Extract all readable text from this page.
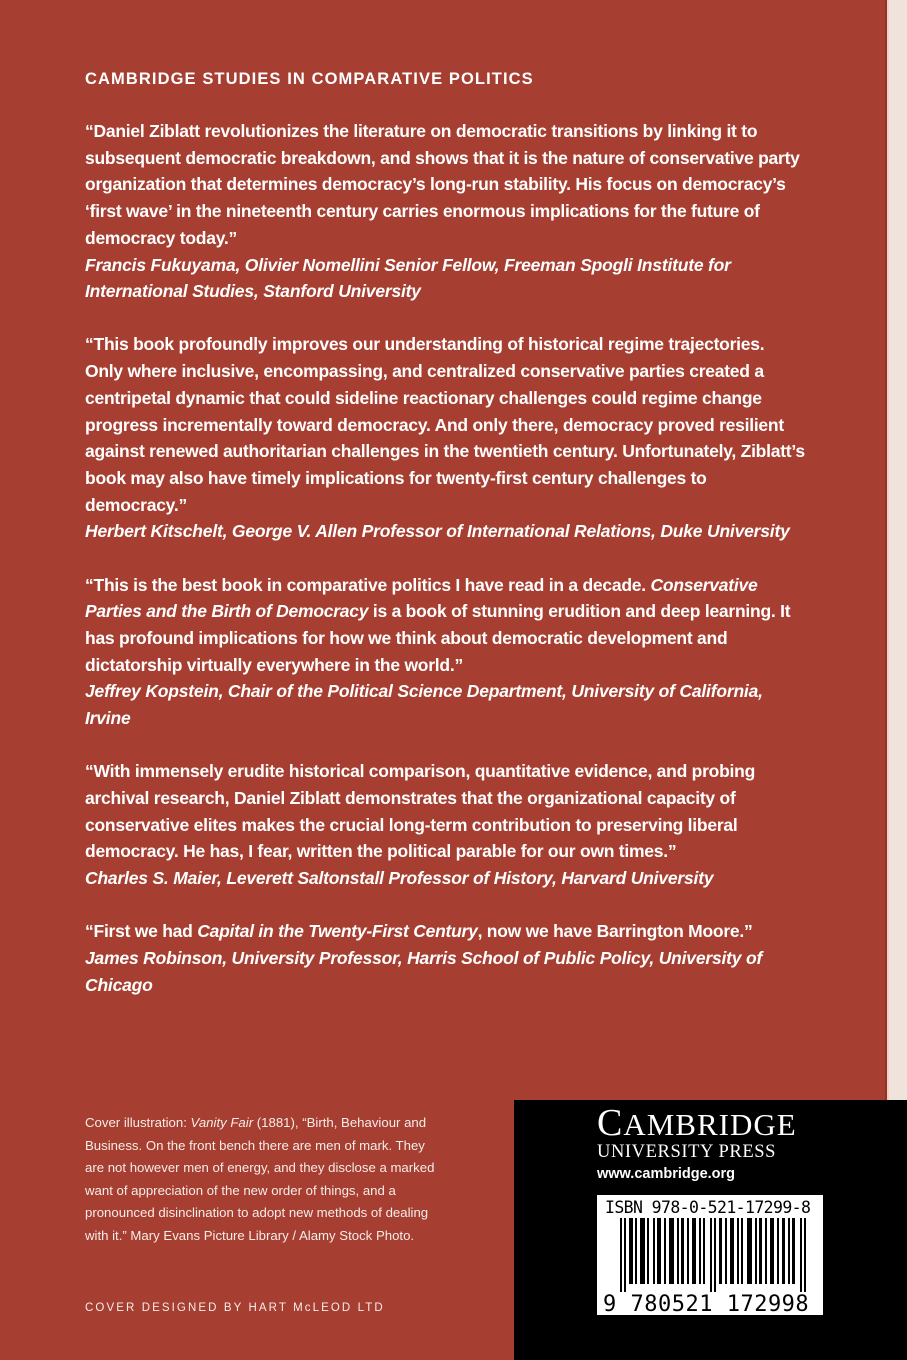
CAMBRIDGE STUDIES IN COMPARATIVE POLITICS

“Daniel Ziblatt revolutionizes the literature on democratic transitions by linking it to subsequent democratic breakdown, and shows that it is the nature of conservative party organization that determines democracy’s long-run stability. His focus on democracy’s ‘first wave’ in the nineteenth century carries enormous implications for the future of democracy today.”

Francis Fukuyama, Olivier Nomellini Senior Fellow, Freeman Spogli Institute for International Studies, Stanford University

“This book profoundly improves our understanding of historical regime trajectories. Only where inclusive, encompassing, and centralized conservative parties created a centripetal dynamic that could sideline reactionary challenges could regime change progress incrementally toward democracy. And only there, democracy proved resilient against renewed authoritarian challenges in the twentieth century. Unfortunately, Ziblatt’s book may also have timely implications for twenty-first century challenges to democracy.”

Herbert Kitschelt, George V. Allen Professor of International Relations, Duke University

“This is the best book in comparative politics I have read in a decade. Conservative Parties and the Birth of Democracy is a book of stunning erudition and deep learning. It has profound implications for how we think about democratic development and dictatorship virtually everywhere in the world.”

Jeffrey Kopstein, Chair of the Political Science Department, University of California, Irvine

“With immensely erudite historical comparison, quantitative evidence, and probing archival research, Daniel Ziblatt demonstrates that the organizational capacity of conservative elites makes the crucial long-term contribution to preserving liberal democracy. He has, I fear, written the political parable for our own times.”

Charles S. Maier, Leverett Saltonstall Professor of History, Harvard University

“First we had Capital in the Twenty-First Century, now we have Barrington Moore.”

James Robinson, University Professor, Harris School of Public Policy, University of Chicago

Cover illustration: Vanity Fair (1881), “Birth, Behaviour and Business. On the front bench there are men of mark. They are not however men of energy, and they disclose a marked want of appreciation of the new order of things, and a pronounced disinclination to adopt new methods of dealing with it.” Mary Evans Picture Library / Alamy Stock Photo.
COVER DESIGNED BY HART McLEOD LTD
CAMBRIDGE
UNIVERSITY PRESS
www.cambridge.org
ISBN 978-0-521-17299-8
9 780521 172998 >
